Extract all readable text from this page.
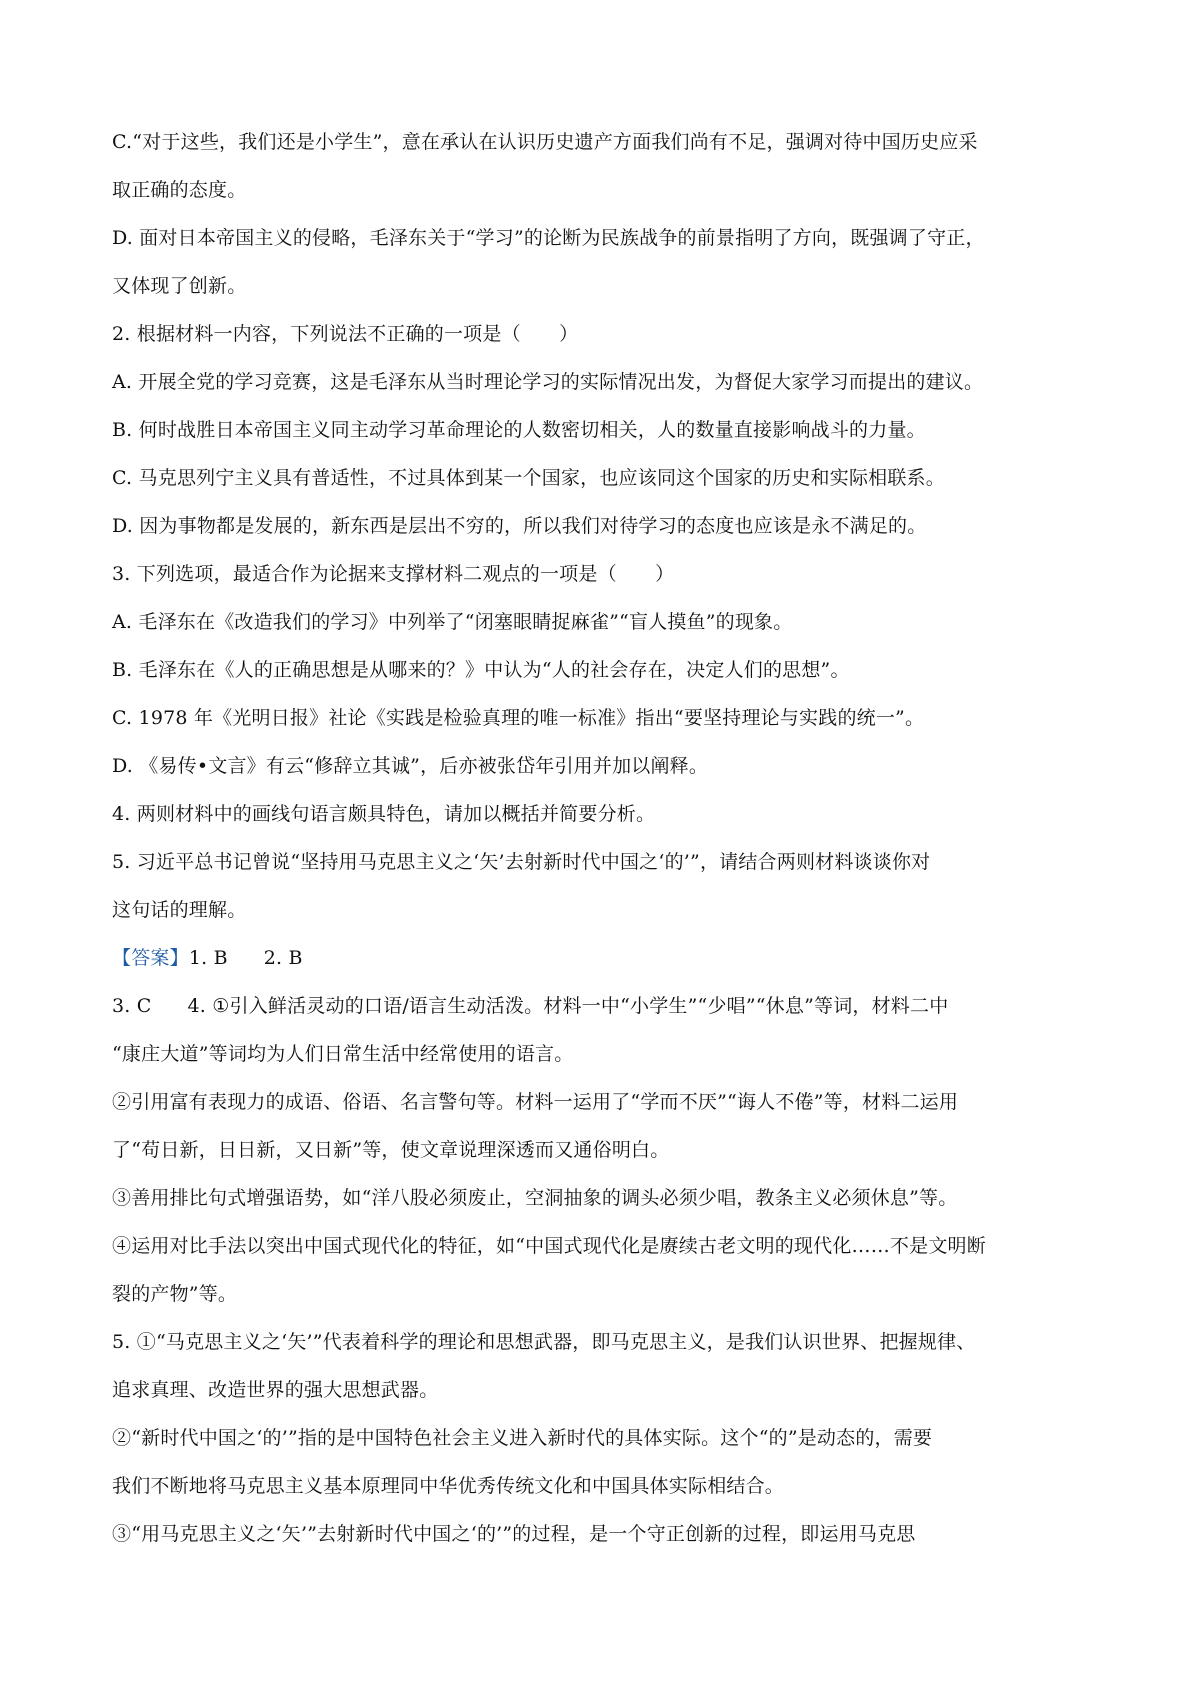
C.“对于这些，我们还是小学生”，意在承认在认识历史遗产方面我们尚有不足，强调对待中国历史应采
取正确的态度。
D. 面对日本帝国主义的侵略，毛泽东关于“学习”的论断为民族战争的前景指明了方向，既强调了守正，
又体现了创新。
2. 根据材料一内容，下列说法不正确的一项是（　　）
A. 开展全党的学习竞赛，这是毛泽东从当时理论学习的实际情况出发，为督促大家学习而提出的建议。
B. 何时战胜日本帝国主义同主动学习革命理论的人数密切相关，人的数量直接影响战斗的力量。
C. 马克思列宁主义具有普适性，不过具体到某一个国家，也应该同这个国家的历史和实际相联系。
D. 因为事物都是发展的，新东西是层出不穷的，所以我们对待学习的态度也应该是永不满足的。
3. 下列选项，最适合作为论据来支撑材料二观点的一项是（　　）
A. 毛泽东在《改造我们的学习》中列举了“闭塞眼睛捉麻雀”“盲人摸鱼”的现象。
B. 毛泽东在《人的正确思想是从哪来的？》中认为“人的社会存在，决定人们的思想”。
C. 1978 年《光明日报》社论《实践是检验真理的唯一标准》指出“要坚持理论与实践的统一”。
D. 《易传•文言》有云“修辞立其诚”，后亦被张岱年引用并加以阐释。
4. 两则材料中的画线句语言颇具特色，请加以概括并简要分析。
5. 习近平总书记曾说“坚持用马克思主义之‘矢’去射新时代中国之‘的’”，请结合两则材料谈谈你对
这句话的理解。
【答案】1. B 2. B
3. C 4. ①引入鲜活灵动的口语/语言生动活泼。材料一中“小学生”“少唱”“休息”等词，材料二中
“康庄大道”等词均为人们日常生活中经常使用的语言。
②引用富有表现力的成语、俗语、名言警句等。材料一运用了“学而不厌”“诲人不倦”等，材料二运用
了“苟日新，日日新，又日新”等，使文章说理深透而又通俗明白。
③善用排比句式增强语势，如“洋八股必须废止，空洞抽象的调头必须少唱，教条主义必须休息”等。
④运用对比手法以突出中国式现代化的特征，如“中国式现代化是赓续古老文明的现代化……不是文明断
裂的产物”等。
5. ①“马克思主义之‘矢’”代表着科学的理论和思想武器，即马克思主义，是我们认识世界、把握规律、
追求真理、改造世界的强大思想武器。
②“新时代中国之‘的’”指的是中国特色社会主义进入新时代的具体实际。这个“的”是动态的，需要
我们不断地将马克思主义基本原理同中华优秀传统文化和中国具体实际相结合。
③“用马克思主义之‘矢’”去射新时代中国之‘的’”的过程，是一个守正创新的过程，即运用马克思
